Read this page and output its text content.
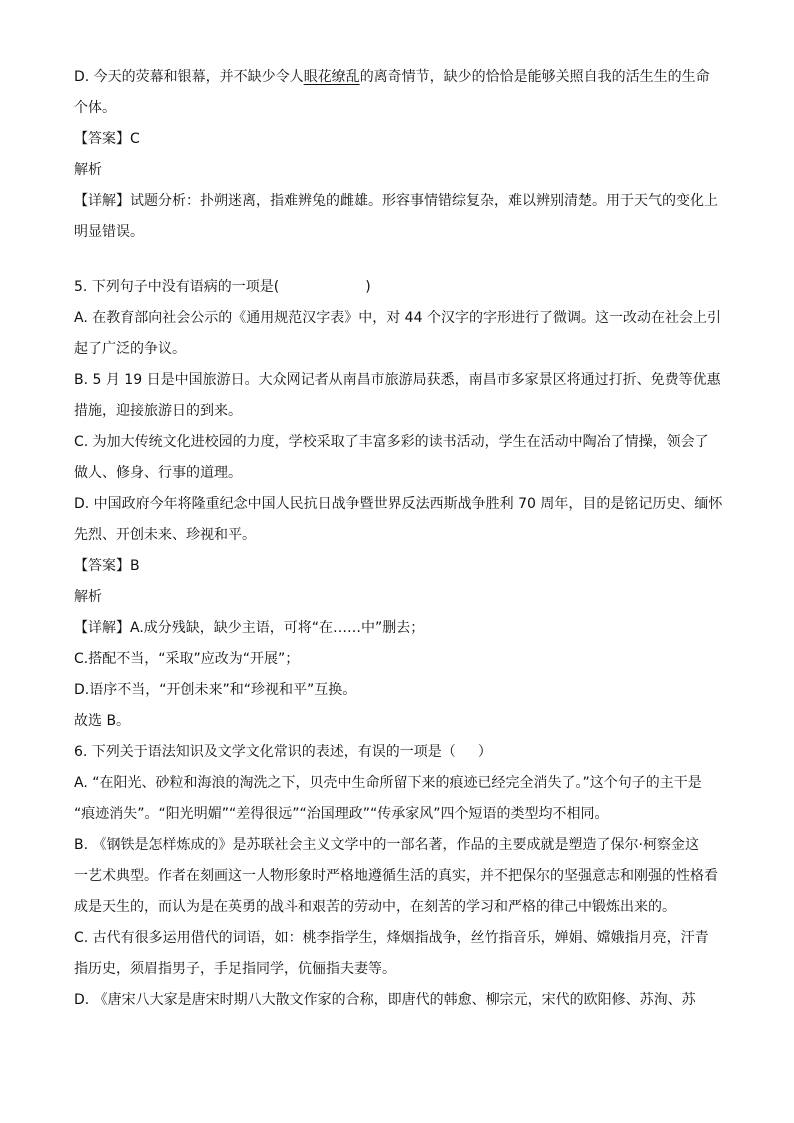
D. 今天的荧幕和银幕，并不缺少令人眼花缭乱的离奇情节，缺少的恰恰是能够关照自我的活生生的生命
个体。
【答案】C
解析
【详解】试题分析：扑朔迷离，指难辨兔的雌雄。形容事情错综复杂，难以辨别清楚。用于天气的变化上
明显错误。
5. 下列句子中没有语病的一项是(	)
A. 在教育部向社会公示的《通用规范汉字表》中，对 44 个汉字的字形进行了微调。这一改动在社会上引
起了广泛的争议。
B. 5 月 19 日是中国旅游日。大众网记者从南昌市旅游局获悉，南昌市多家景区将通过打折、免费等优惠
措施，迎接旅游日的到来。
C. 为加大传统文化进校园的力度，学校采取了丰富多彩的读书活动，学生在活动中陶冶了情操，领会了
做人、修身、行事的道理。
D. 中国政府今年将隆重纪念中国人民抗日战争暨世界反法西斯战争胜利 70 周年，目的是铭记历史、缅怀
先烈、开创未来、珍视和平。
【答案】B
解析
【详解】A.成分残缺，缺少主语，可将“在……中”删去；
C.搭配不当，“采取”应改为“开展”；
D.语序不当，“开创未来”和“珍视和平”互换。
故选 B。
6. 下列关于语法知识及文学文化常识的表述，有误的一项是（ ）
A. “在阳光、砂粒和海浪的淘洗之下，贝壳中生命所留下来的痕迹已经完全消失了。”这个句子的主干是
“痕迹消失”。“阳光明媚”“差得很远”“治国理政”“传承家风”四个短语的类型均不相同。
B. 《钢铁是怎样炼成的》是苏联社会主义文学中的一部名著，作品的主要成就是塑造了保尔·柯察金这
一艺术典型。作者在刻画这一人物形象时严格地遵循生活的真实，并不把保尔的坚强意志和刚强的性格看
成是天生的，而认为是在英勇的战斗和艰苦的劳动中，在刻苦的学习和严格的律己中锻炼出来的。
C. 古代有很多运用借代的词语，如：桃李指学生，烽烟指战争，丝竹指音乐，婵娟、嫦娥指月亮，汗青
指历史，须眉指男子，手足指同学，伉俪指夫妻等。
D. 《唐宋八大家是唐宋时期八大散文作家的合称，即唐代的韩愈、柳宗元，宋代的欧阳修、苏洵、苏
